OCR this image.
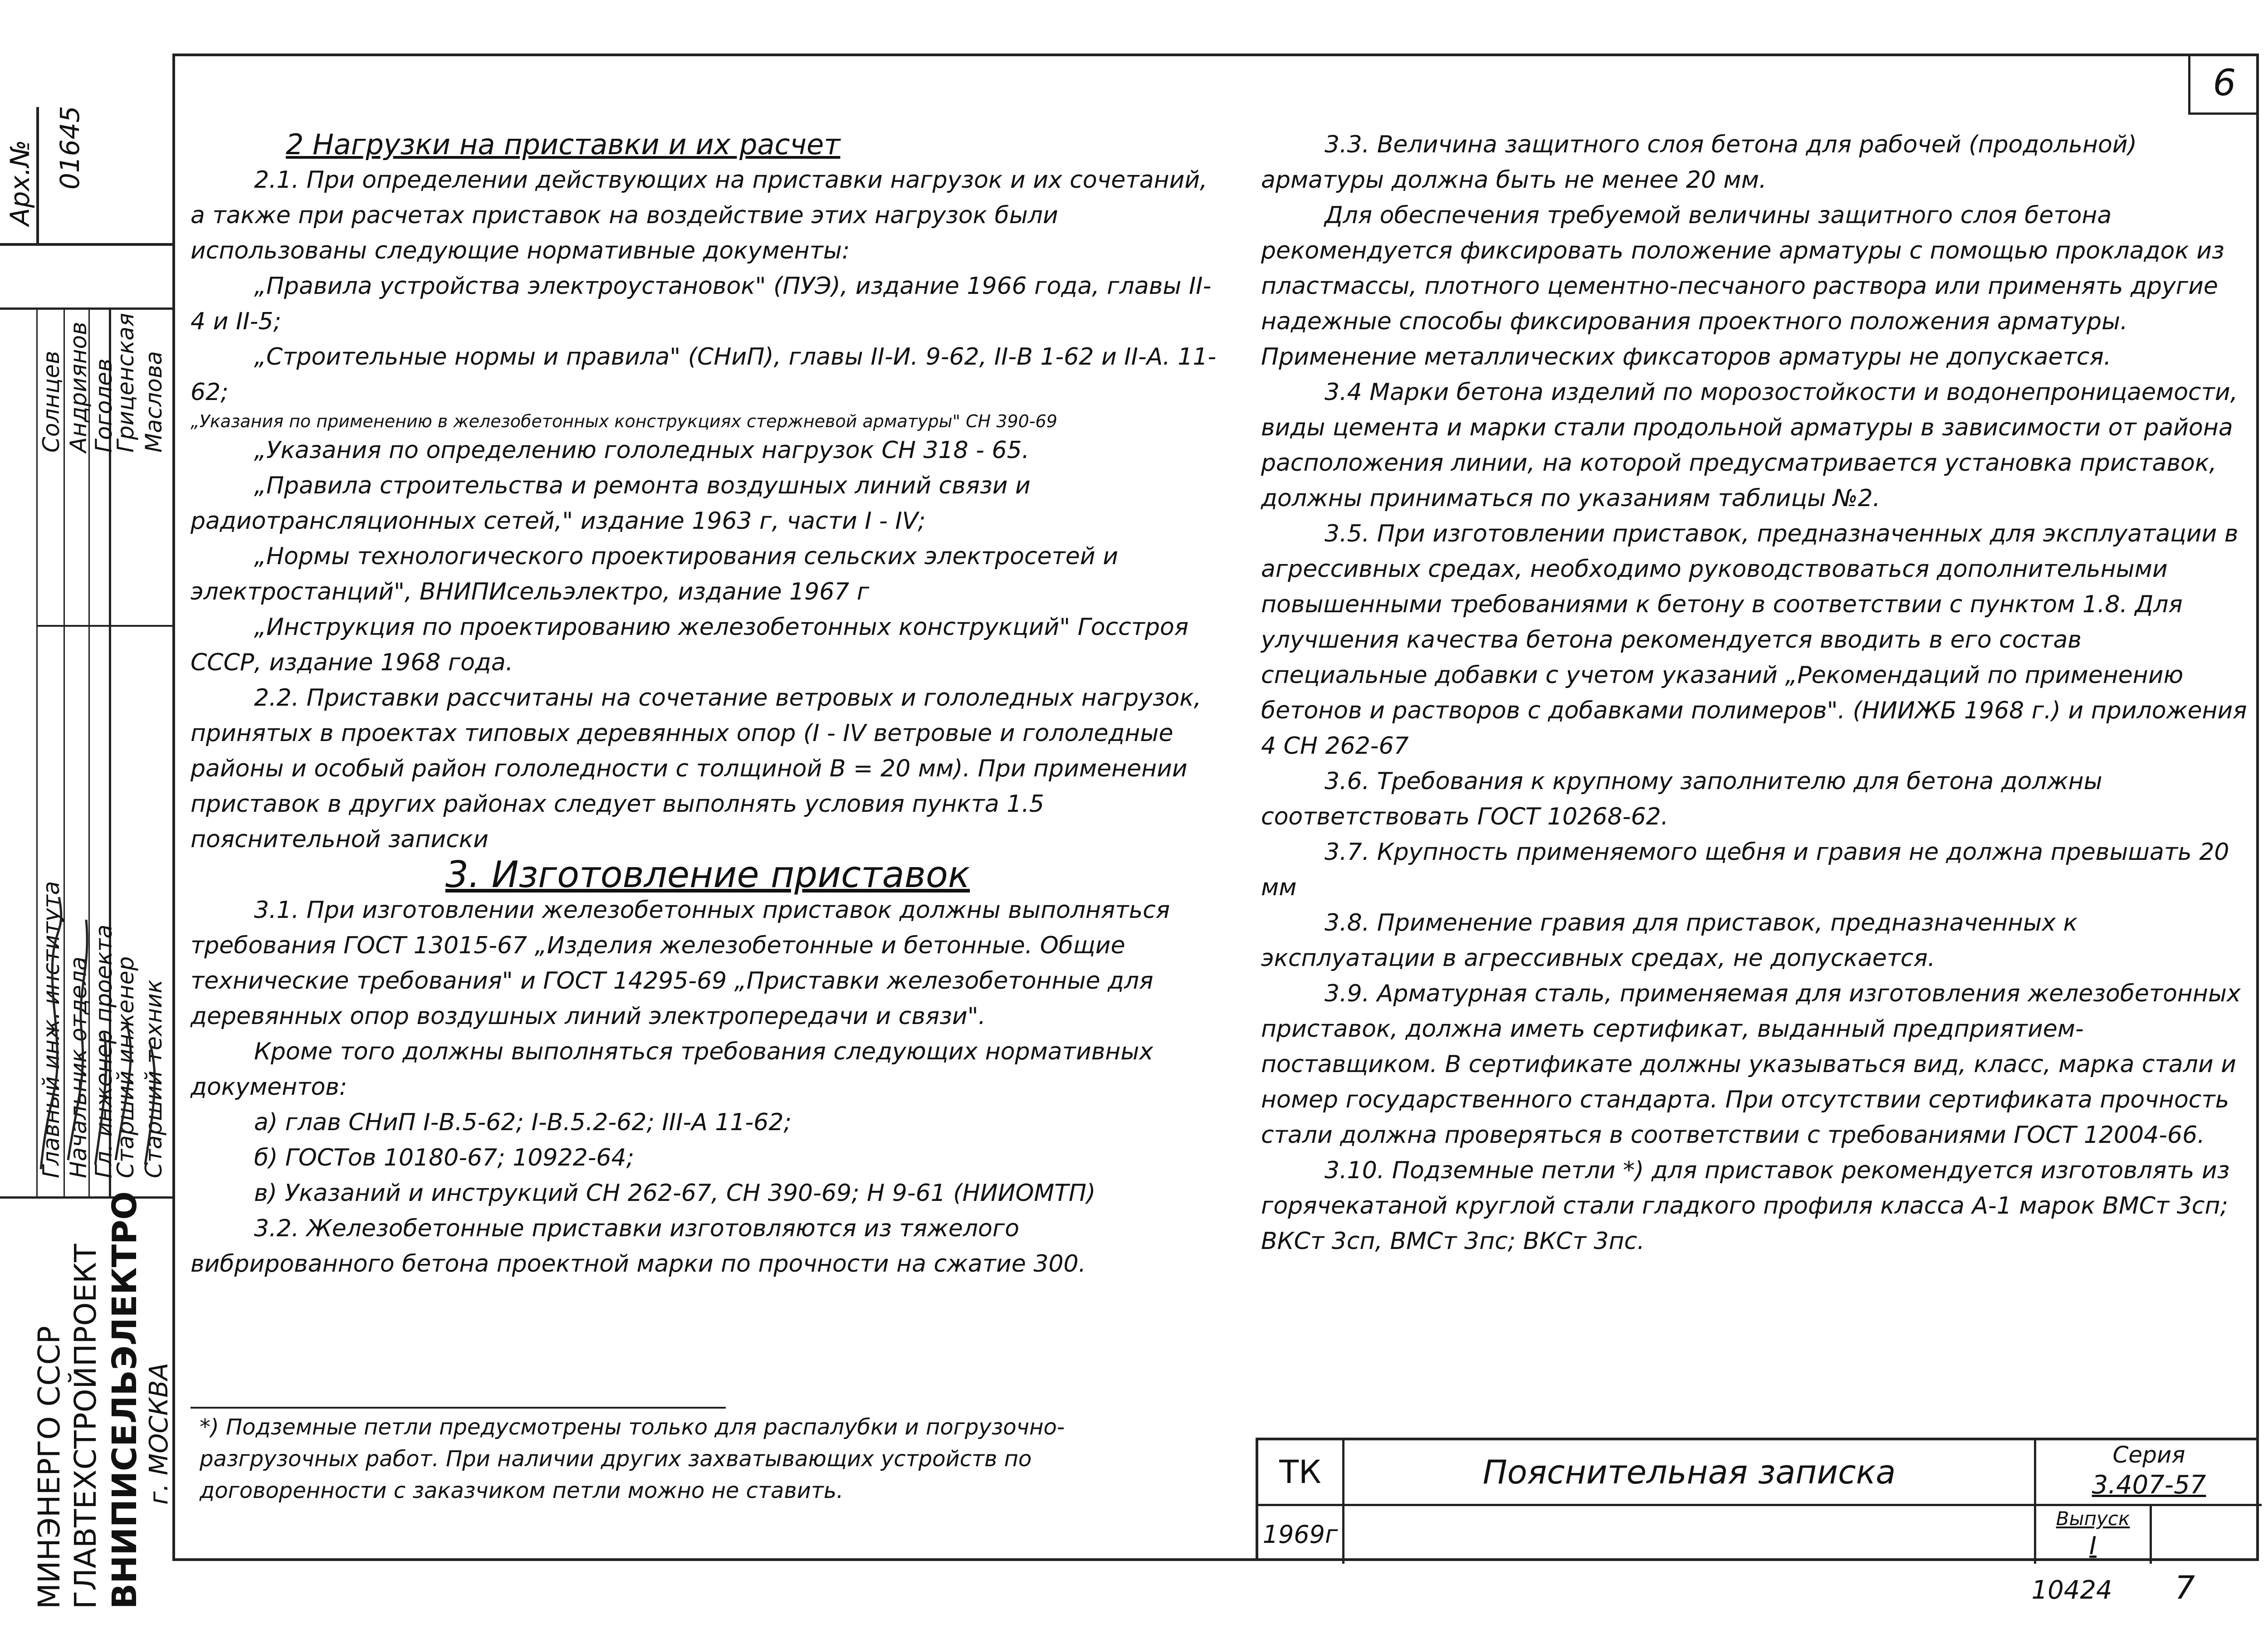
Арх.№ 01645
Главный инж. института Начальник отдела
Гл. инженер проекта
Старший инженер Старший техник
Солнцев Андриянов
Гоголев
Гриценская Маслова
МИНЭНЕРГО СССР ГЛАВТЕХСТРОЙПРОЕКТ ВНИПИСЕЛЬЭЛЕКТРО г. МОСКВА
6

2 Нагрузки на приставки и их расчет

2.1. При определении действующих на приставки нагрузок и их сочетаний, а также при расчетах приставок на воздействие этих нагрузок были использованы следующие нормативные документы:

„Правила устройства электроустановок" (ПУЭ), издание 1966 года, главы II-4 и II-5;

„Строительные нормы и правила" (СНиП), главы II-И. 9-62, II-В 1-62 и II-А. 11-62;

„Указания по применению в железобетонных конструкциях стержневой арматуры" СН 390-69

„Указания по определению гололедных нагрузок СН 318 - 65.

„Правила строительства и ремонта воздушных линий связи и радиотрансляционных сетей," издание 1963 г, части I - IV;

„Нормы технологического проектирования сельских электросетей и электростанций", ВНИПИсельэлектро, издание 1967 г

„Инструкция по проектированию железобетонных конструкций" Госстроя СССР, издание 1968 года.

2.2. Приставки рассчитаны на сочетание ветровых и гололедных нагрузок, принятых в проектах типовых деревянных опор (I - IV ветровые и гололедные районы и особый район гололедности с толщиной В = 20 мм). При применении приставок в других районах следует выполнять условия пункта 1.5 пояснительной записки

3. Изготовление приставок

3.1. При изготовлении железобетонных приставок должны выполняться требования ГОСТ 13015-67 „Изделия железобетонные и бетонные. Общие технические требования" и ГОСТ 14295-69 „Приставки железобетонные для деревянных опор воздушных линий электропередачи и связи".

Кроме того должны выполняться требования следующих нормативных документов:

а) глав СНиП I-В.5-62; I-В.5.2-62; III-А 11-62;

б) ГОСТов 10180-67; 10922-64;

в) Указаний и инструкций СН 262-67, СН 390-69; Н 9-61 (НИИОМТП)

3.2. Железобетонные приставки изготовляются из тяжелого вибрированного бетона проектной марки по прочности на сжатие 300.

*) Подземные петли предусмотрены только для распалубки и погрузочно-разгрузочных работ. При наличии других захватывающих устройств по договоренности с заказчиком петли можно не ставить.

3.3. Величина защитного слоя бетона для рабочей (продольной) арматуры должна быть не менее 20 мм.

Для обеспечения требуемой величины защитного слоя бетона рекомендуется фиксировать положение арматуры с помощью прокладок из пластмассы, плотного цементно-песчаного раствора или применять другие надежные способы фиксирования проектного положения арматуры. Применение металлических фиксаторов арматуры не допускается.

3.4 Марки бетона изделий по морозостойкости и водонепроницаемости, виды цемента и марки стали продольной арматуры в зависимости от района расположения линии, на которой предусматривается установка приставок, должны приниматься по указаниям таблицы №2.

3.5. При изготовлении приставок, предназначенных для эксплуатации в агрессивных средах, необходимо руководствоваться дополнительными повышенными требованиями к бетону в соответствии с пунктом 1.8. Для улучшения качества бетона рекомендуется вводить в его состав специальные добавки с учетом указаний „Рекомендаций по применению бетонов и растворов с добавками полимеров". (НИИЖБ 1968 г.) и приложения 4 СН 262-67

3.6. Требования к крупному заполнителю для бетона должны соответствовать ГОСТ 10268-62.

3.7. Крупность применяемого щебня и гравия не должна превышать 20 мм

3.8. Применение гравия для приставок, предназначенных к эксплуатации в агрессивных средах, не допускается.

3.9. Арматурная сталь, применяемая для изготовления железобетонных приставок, должна иметь сертификат, выданный предприятием-поставщиком. В сертификате должны указываться вид, класс, марка стали и номер государственного стандарта. При отсутствии сертификата прочность стали должна проверяться в соответствии с требованиями ГОСТ 12004-66.

3.10. Подземные петли *) для приставок рекомендуется изготовлять из горячекатаной круглой стали гладкого профиля класса А-1 марок ВМСт 3сп; ВКСт 3сп, ВМСт 3пс; ВКСт 3пс.

ТК
1969г
Пояснительная записка	Серия
3.407-57
Выпуск
I
10424 7
